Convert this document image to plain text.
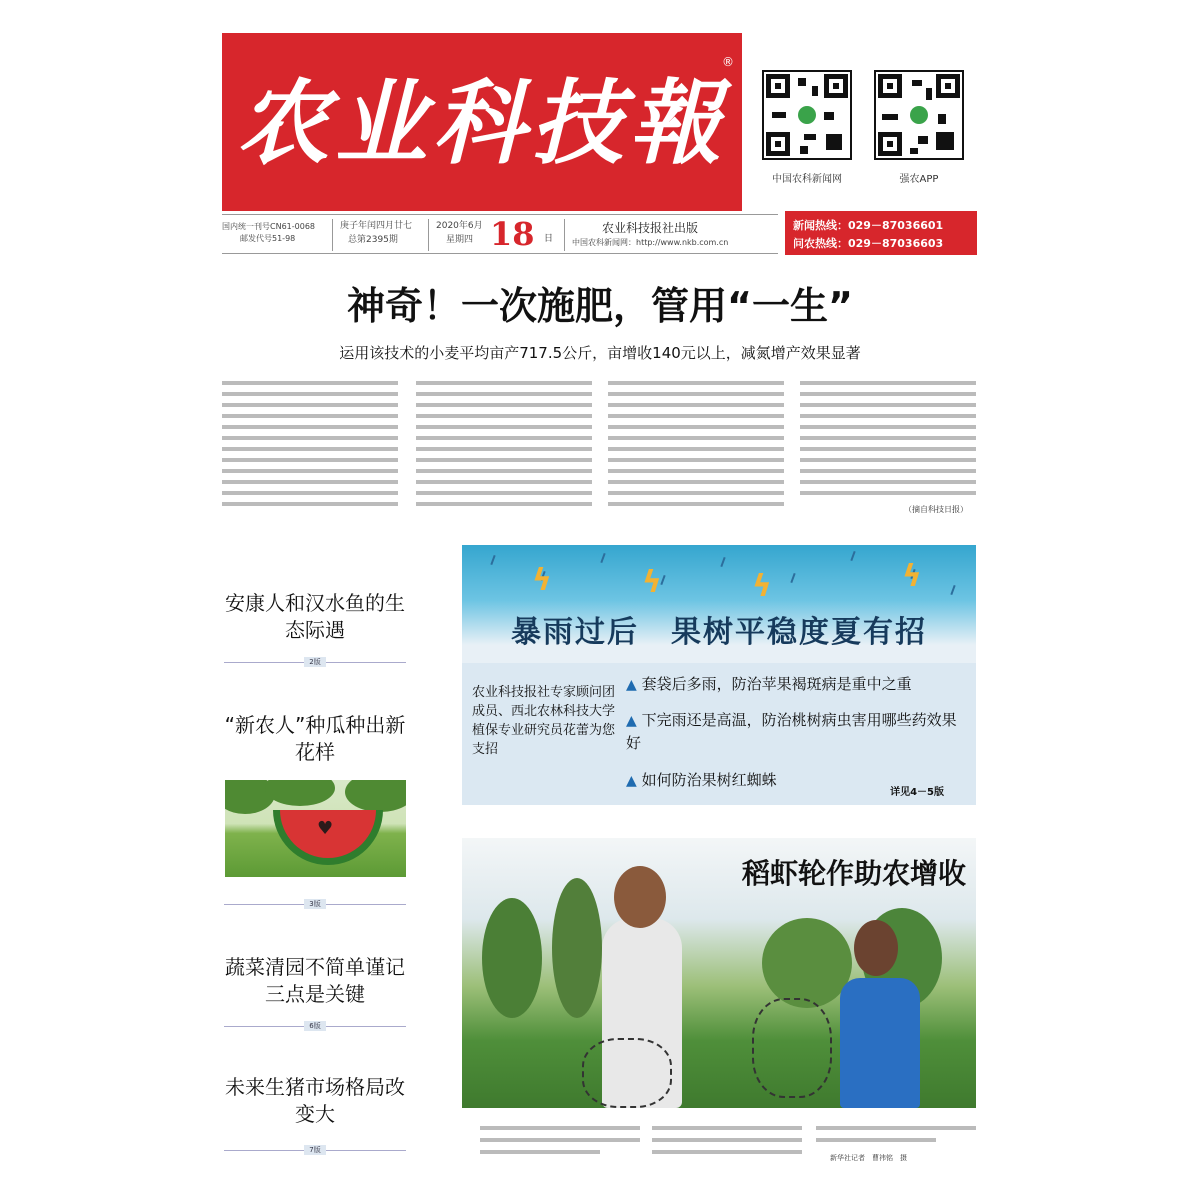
农业科技報
®
中国农科新闻网	强农APP
国内统一刊号CN61-0068
邮发代号51-98
庚子年闰四月廿七
总第2395期
2020年6月
星期四 18 日
农业科技报社出版
中国农科新闻网：http://www.nkb.com.cn
新闻热线：029－87036601
问农热线：029－87036603
神奇！一次施肥，管用“一生”
运用该技术的小麦平均亩产717.5公斤，亩增收140元以上，减氮增产效果显著
（摘自科技日报）
安康人和汉水鱼的生态际遇
2版
“新农人”种瓜种出新花样
♥
3版
蔬菜清园不简单谨记三点是关键
6版
未来生猪市场格局改变大
7版
ϟ	ϟ	ϟ	ϟ
暴雨过后　果树平稳度夏有招
农业科技报社专家顾问团成员、西北农林科技大学植保专业研究员花蕾为您支招
▲ 套袋后多雨，防治苹果褐斑病是重中之重
▲ 下完雨还是高温，防治桃树病虫害用哪些药效果好
▲ 如何防治果树红蜘蛛
详见4－5版
稻虾轮作助农增收
新华社记者　曹祎铭　摄
